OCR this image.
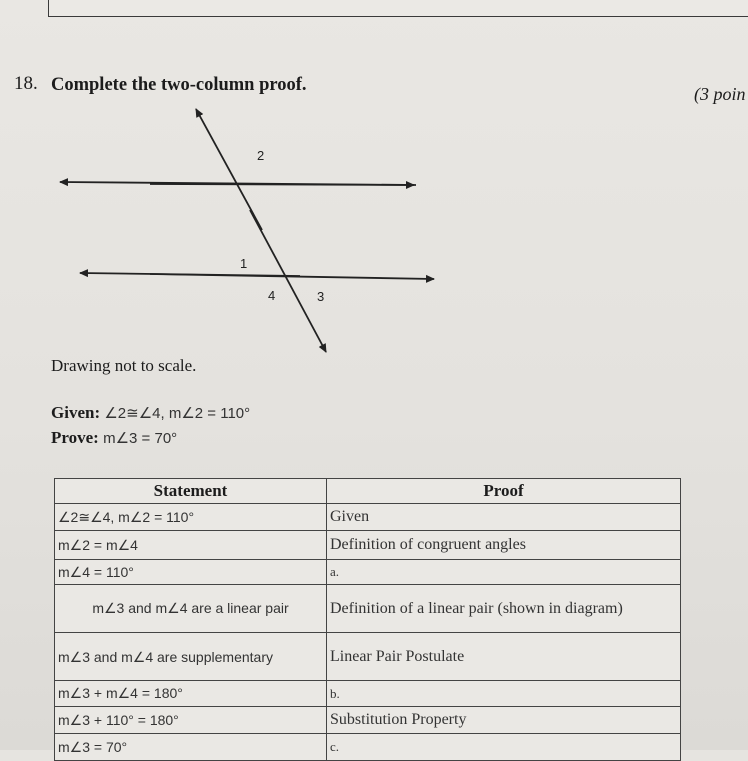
18. Complete the two-column proof.	(3 poin
2
1
4	3
Drawing not to scale.
Given: ∠2≅∠4, m∠2 = 110°
Prove: m∠3 = 70°
Statement	Proof
∠2≅∠4, m∠2 = 110°	Given
m∠2 = m∠4	Definition of congruent angles
m∠4 = 110°	a.
m∠3 and m∠4 are a linear pair	Definition of a linear pair (shown in diagram)
m∠3 and m∠4 are supplementary	Linear Pair Postulate
m∠3 + m∠4 = 180°	b.
m∠3 + 110° = 180°	Substitution Property
m∠3 = 70°	c.
